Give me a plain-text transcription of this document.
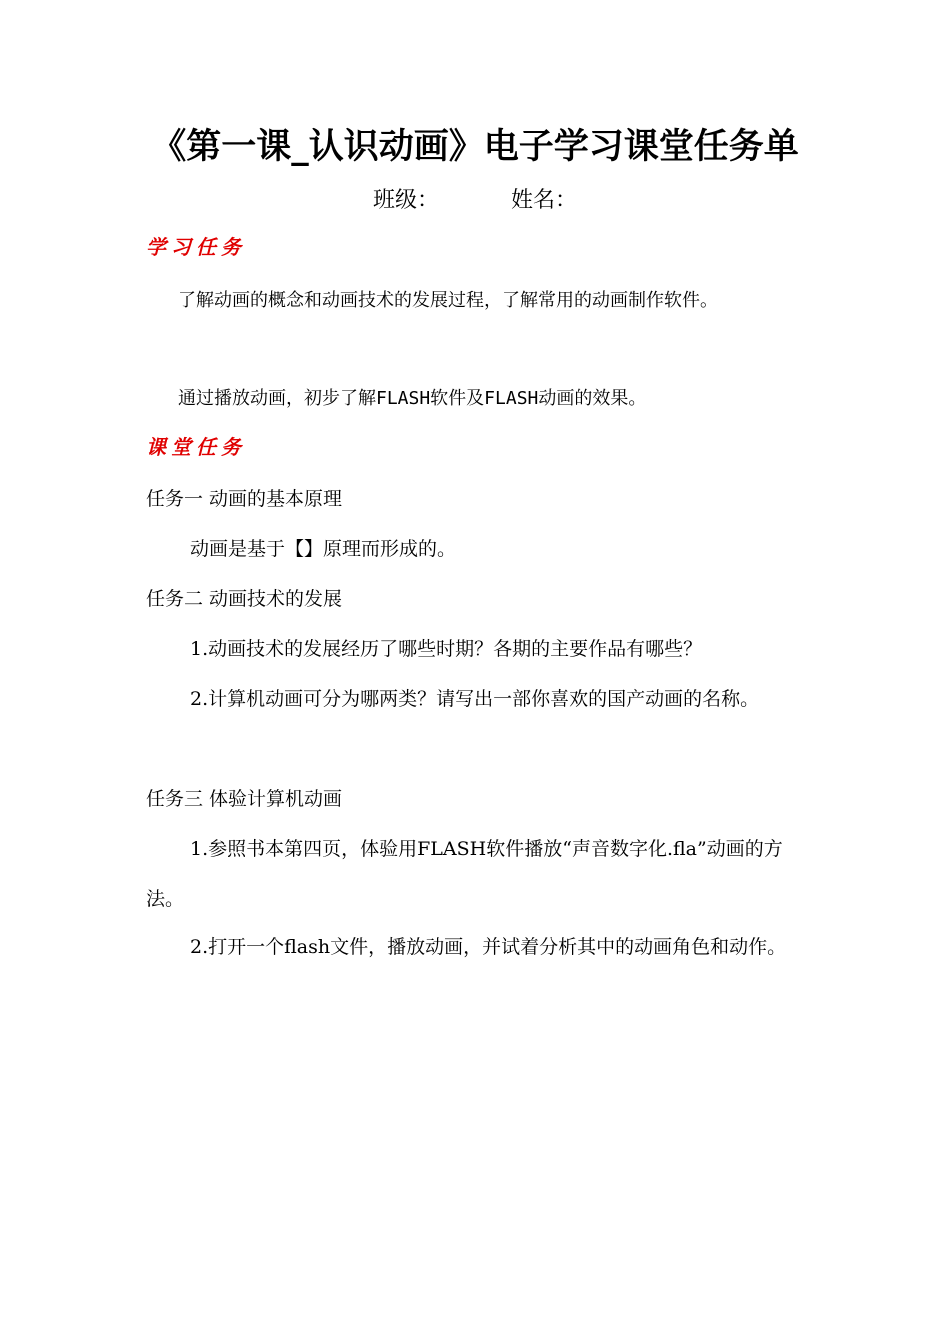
《第一课_认识动画》电子学习课堂任务单
班级：	姓名：
学习任务

了解动画的概念和动画技术的发展过程，了解常用的动画制作软件。

通过播放动画，初步了解FLASH软件及FLASH动画的效果。

课堂任务

任务一 动画的基本原理

动画是基于【】原理而形成的。

任务二 动画技术的发展

1.动画技术的发展经历了哪些时期？各期的主要作品有哪些？

2.计算机动画可分为哪两类？请写出一部你喜欢的国产动画的名称。

任务三 体验计算机动画

1.参照书本第四页，体验用FLASH软件播放“声音数字化.fla”动画的方法。

2.打开一个flash文件，播放动画，并试着分析其中的动画角色和动作。
